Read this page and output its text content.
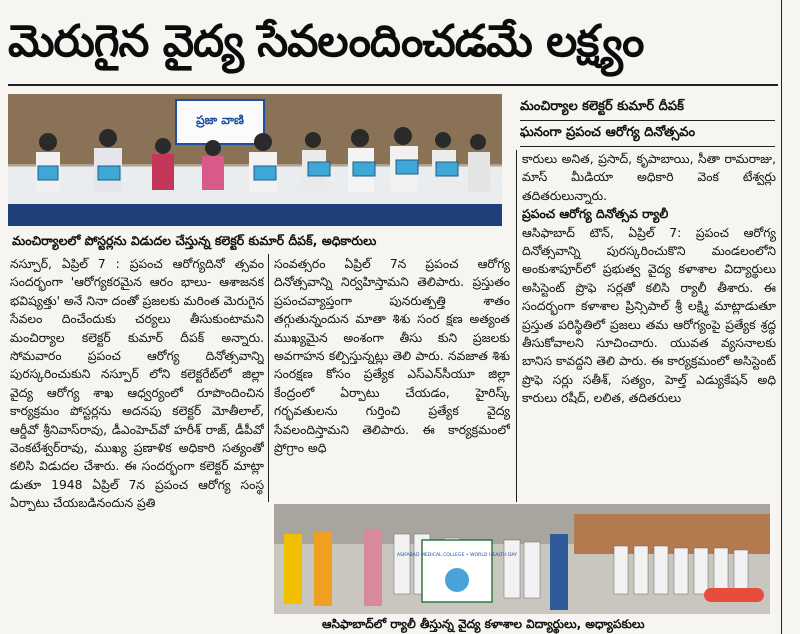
మెరుగైన వైద్య సేవలందించడమే లక్ష్యం
ప్రజా వాణి
మంచిర్యాలలో పోస్టర్లను విడుదల చేస్తున్న కలెక్టర్ కుమార్ దీపక్, అధికారులు
మంచిర్యాల కలెక్టర్ కుమార్ దీపక్
ఘనంగా ప్రపంచ ఆరోగ్య దినోత్సవం

నస్పూర్, ఏప్రిల్ 7 : ప్రపంచ ఆరోగ్యదినో త్సవం సందర్భంగా 'ఆరోగ్యకరమైన ఆరం భాలు- ఆశాజనక భవిష్యత్తు' అనే నినా దంతో ప్రజలకు మరింత మెరుగైన సేవలం దించేందుకు చర్యలు తీసుకుంటామని మంచిర్యాల కలెక్టర్ కుమార్ దీపక్ అన్నారు. సోమవారం ప్రపంచ ఆరోగ్య దినోత్సవాన్ని పురస్కరించుకుని నస్పూర్ లోని కలెక్టరేట్‌లో జిల్లా వైద్య ఆరోగ్య శాఖ ఆధ్వర్యంలో రూపొందించిన కార్యక్రమం పోస్టర్లను అదనపు కలెక్టర్ మోతీలాల్, ఆర్డీవో శ్రీనివాస్‌రావు, డీఎంహెచ్‌వో హరీశ్ రాజ్, డీపీవో వెంకటేశ్వర్‌రావు, ముఖ్య ప్రణాళిక అధికారి సత్యంతో కలిసి విడుదల చేశారు. ఈ సందర్భంగా కలెక్టర్ మాట్లా డుతూ 1948 ఏప్రిల్ 7న ప్రపంచ ఆరోగ్య సంస్థ ఏర్పాటు చేయబడినందున ప్రతి

సంవత్సరం ఏప్రిల్ 7న ప్రపంచ ఆరోగ్య దినోత్సవాన్ని నిర్వహిస్తామని తెలిపారు. ప్రస్తుతం ప్రపంచవ్యాప్తంగా పునరుత్పత్తి శాతం తగ్గుతున్నందున మాతా శిశు సంర క్షణ అత్యంత ముఖ్యమైన అంశంగా తీసు కుని ప్రజలకు అవగాహన కల్పిస్తున్నట్లు తెలి పారు. నవజాత శిశు సంరక్షణ కోసం ప్రత్యేక ఎస్‌ఎన్‌సీయూ జిల్లా కేంద్రంలో ఏర్పాటు చేయడం, హైరిస్క్ గర్భవతులను గుర్తించి ప్రత్యేక వైద్య సేవలందిస్తామని తెలిపారు. ఈ కార్యక్రమంలో ప్రోగ్రాం అధి

కారులు అనిత, ప్రసాద్, కృపాబాయి, సీతా రామరాజు, మాస్ మీడియా అధికారి వెంక టేశ్వర్లు తదితరులున్నారు.

ప్రపంచ ఆరోగ్య దినోత్సవ ర్యాలీ

ఆసిఫాబాద్ టౌన్, ఏప్రిల్ 7: ప్రపంచ ఆరోగ్య దినోత్సవాన్ని పురస్కరించుకొని మండలంలోని అంకుశాపూర్‌లో ప్రభుత్వ వైద్య కళాశాల విద్యార్థులు అసిస్టెంట్ ప్రొఫె సర్లతో కలిసి ర్యాలీ తీశారు. ఈ సందర్భంగా కళాశాల ప్రిన్సిపాల్ శ్రీ లక్ష్మి మాట్లాడుతూ ప్రస్తుత పరిస్థితిలో ప్రజలు తమ ఆరోగ్యంపై ప్రత్యేక శ్రద్ధ తీసుకోవాలని సూచించారు. యువత వ్యసనాలకు బానిస కావద్దని తెలి పారు. ఈ కార్యక్రమంలో అసిస్టెంట్ ప్రొఫె సర్లు సతీశ్, సత్యం, హెల్త్ ఎడ్యుకేషన్ అధి కారులు రషీద్, లలిత, తదితరులు

ASIFABAD MEDICAL COLLEGE • WORLD HEALTH DAY
ఆసిఫాబాద్‌లో ర్యాలీ తీస్తున్న వైద్య కళాశాల విద్యార్థులు, అధ్యాపకులు
